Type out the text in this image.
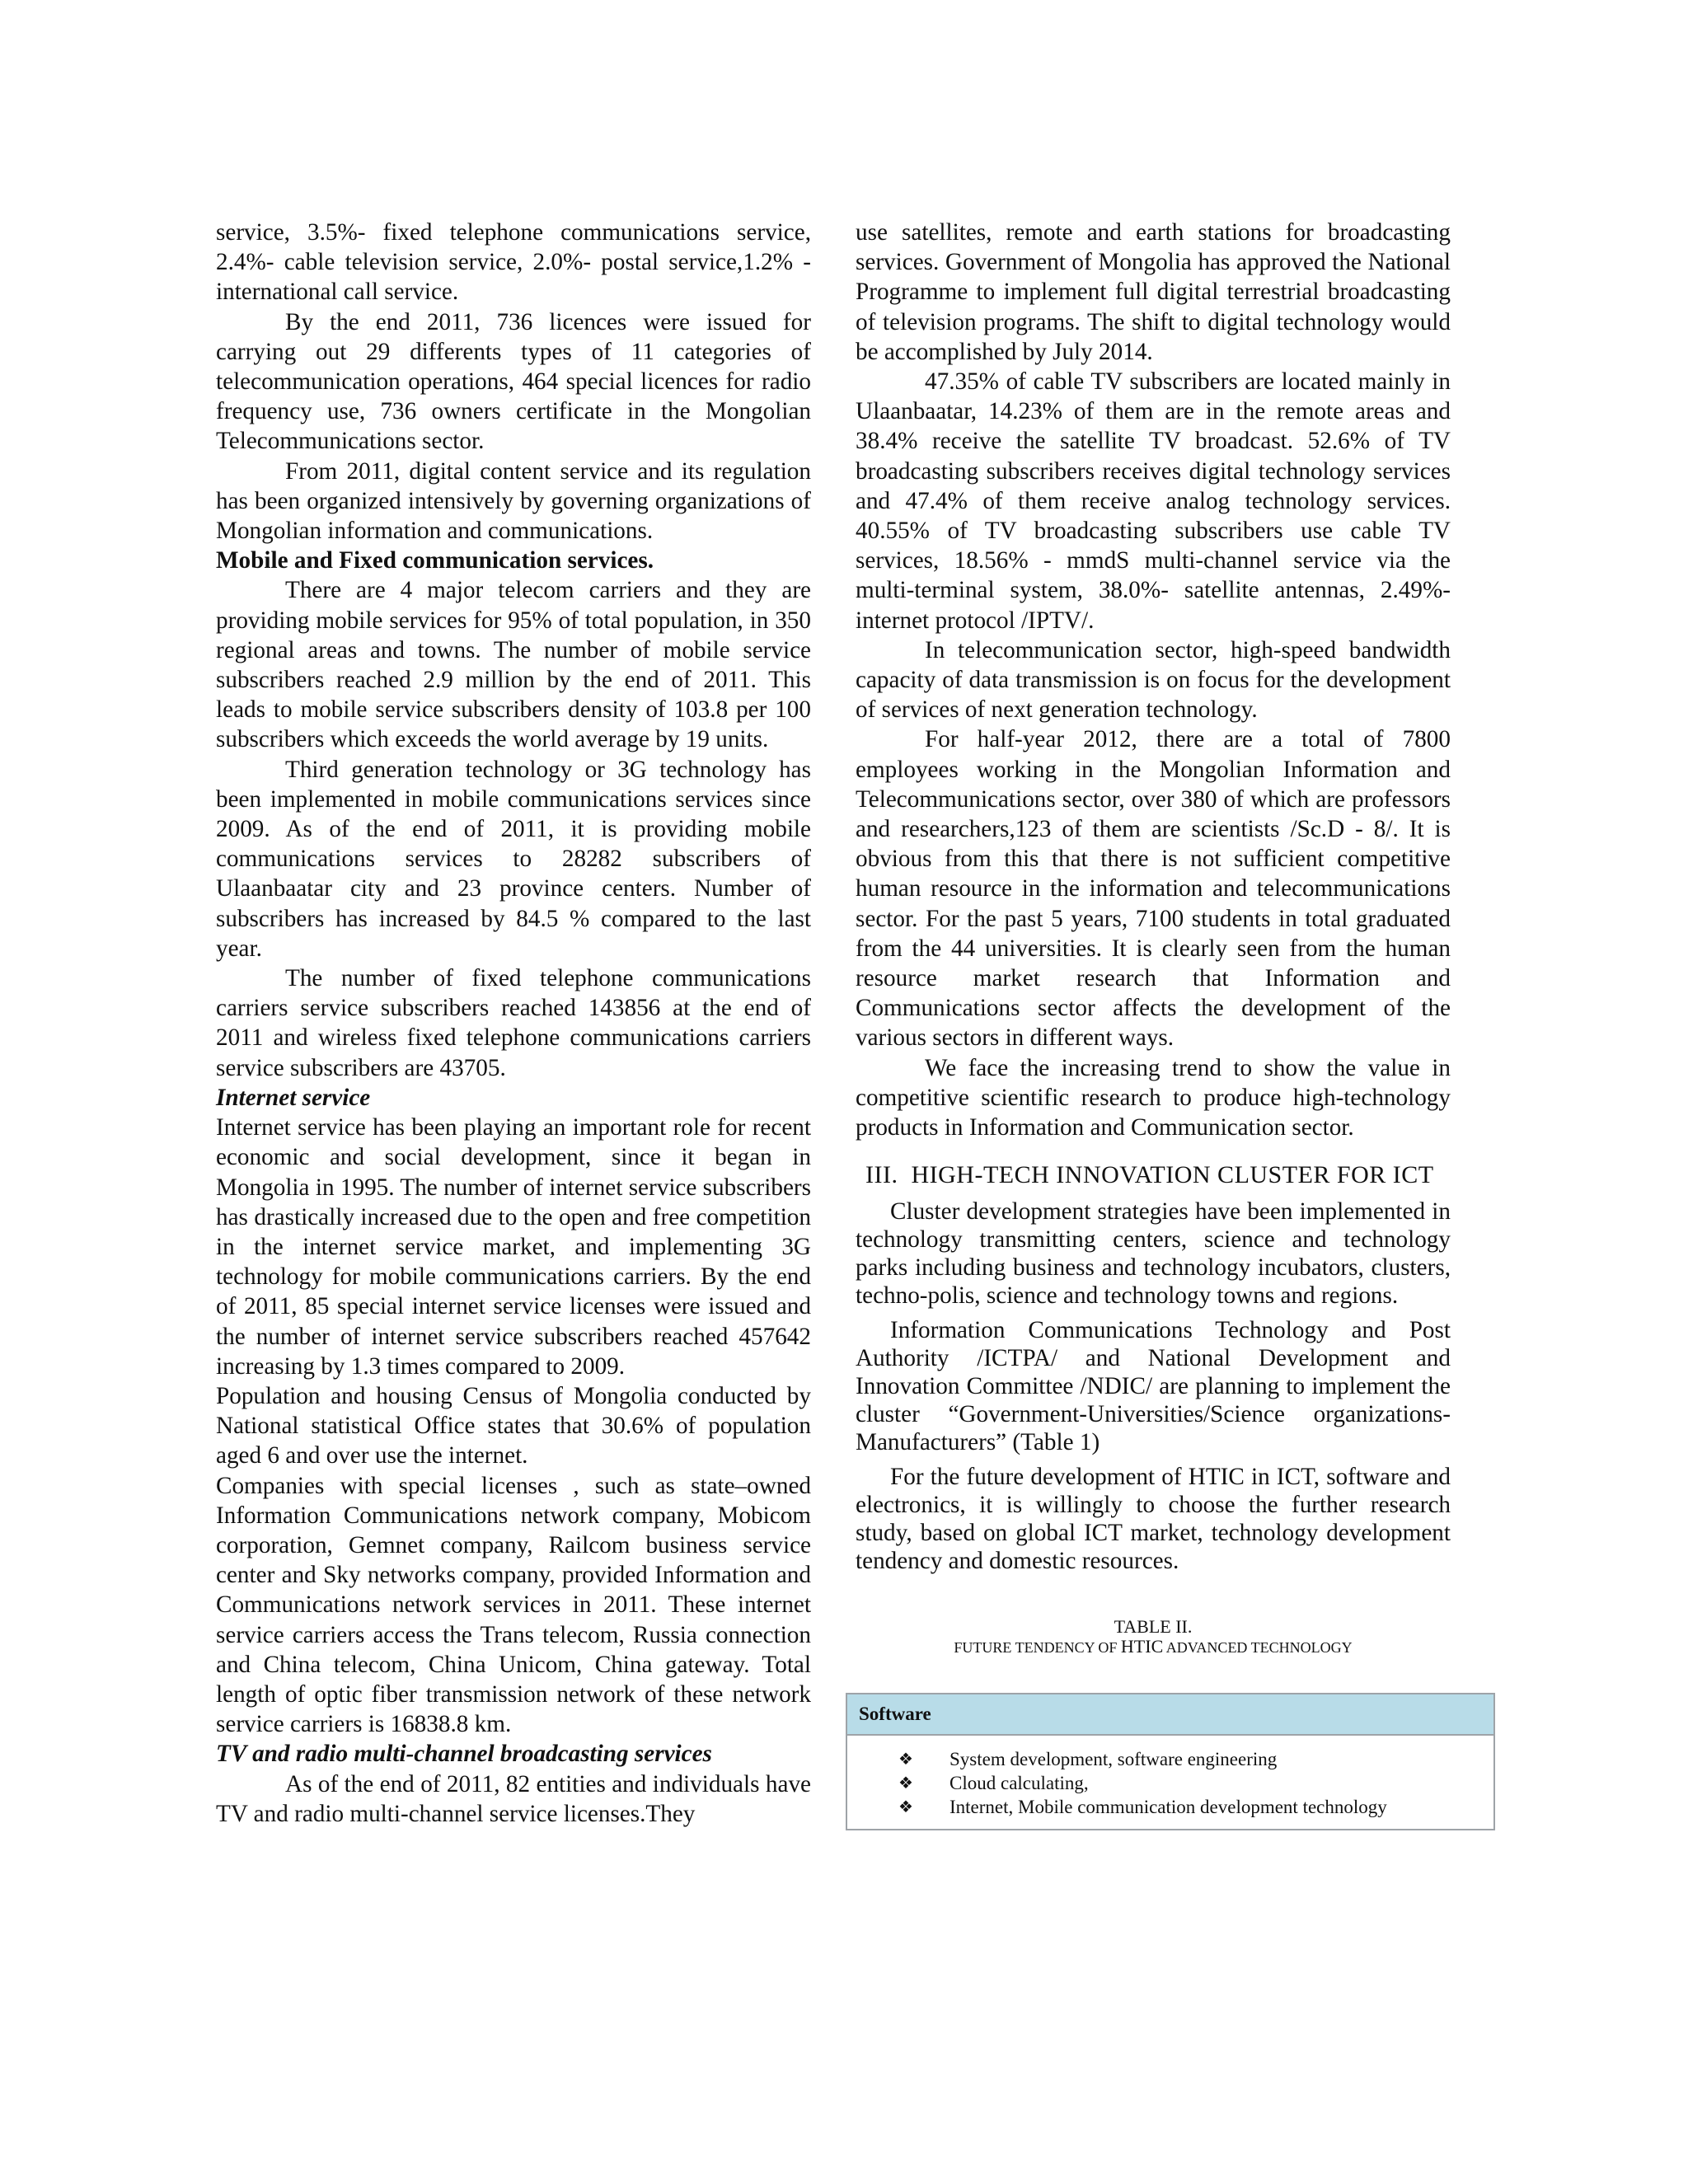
service, 3.5%- fixed telephone communications service, 2.4%- cable television service, 2.0%- postal service,1.2% - international call service.

By the end 2011, 736 licences were issued for carrying out 29 differents types of 11 categories of telecommunication operations, 464 special licences for radio frequency use, 736 owners certificate in the Mongolian Telecommunications sector.

From 2011, digital content service and its regulation has been organized intensively by governing organizations of Mongolian information and communications.

Mobile and Fixed communication services.

There are 4 major telecom carriers and they are providing mobile services for 95% of total population, in 350 regional areas and towns. The number of mobile service subscribers reached 2.9 million by the end of 2011. This leads to mobile service subscribers density of 103.8 per 100 subscribers which exceeds the world average by 19 units.

Third generation technology or 3G technology has been implemented in mobile communications services since 2009. As of the end of 2011, it is providing mobile communications services to 28282 subscribers of Ulaanbaatar city and 23 province centers. Number of subscribers has increased by 84.5 % compared to the last year.

The number of fixed telephone communications carriers service subscribers reached 143856 at the end of 2011 and wireless fixed telephone communications carriers service subscribers are 43705.

Internet service

Internet service has been playing an important role for recent economic and social development, since it began in Mongolia in 1995. The number of internet service subscribers has drastically increased due to the open and free competition in the internet service market, and implementing 3G technology for mobile communications carriers. By the end of 2011, 85 special internet service licenses were issued and the number of internet service subscribers reached 457642 increasing by 1.3 times compared to 2009.

Population and housing Census of Mongolia conducted by National statistical Office states that 30.6% of population aged 6 and over use the internet.

Companies with special licenses , such as state–owned Information Communications network company, Mobicom corporation, Gemnet company, Railcom business service center and Sky networks company, provided Information and Communications network services in 2011. These internet service carriers access the Trans telecom, Russia connection and China telecom, China Unicom, China gateway. Total length of optic fiber transmission network of these network service carriers is 16838.8 km.

TV and radio multi-channel broadcasting services

As of the end of 2011, 82 entities and individuals have TV and radio multi-channel service licenses.They

use satellites, remote and earth stations for broadcasting services. Government of Mongolia has approved the National Programme to implement full digital terrestrial broadcasting of television programs. The shift to digital technology would be accomplished by July 2014.

47.35% of cable TV subscribers are located mainly in Ulaanbaatar, 14.23% of them are in the remote areas and 38.4% receive the satellite TV broadcast. 52.6% of TV broadcasting subscribers receives digital technology services and 47.4% of them receive analog technology services. 40.55% of TV broadcasting subscribers use cable TV services, 18.56% - mmdS multi-channel service via the multi-terminal system, 38.0%- satellite antennas, 2.49%-internet protocol /IPTV/.

In telecommunication sector, high-speed bandwidth capacity of data transmission is on focus for the development of services of next generation technology.

For half-year 2012, there are a total of 7800 employees working in the Mongolian Information and Telecommunications sector, over 380 of which are professors and researchers,123 of them are scientists /Sc.D - 8/. It is obvious from this that there is not sufficient competitive human resource in the information and telecommunications sector. For the past 5 years, 7100 students in total graduated from the 44 universities. It is clearly seen from the human resource market research that Information and Communications sector affects the development of the various sectors in different ways.

We face the increasing trend to show the value in competitive scientific research to produce high-technology products in Information and Communication sector.

III. HIGH-TECH INNOVATION CLUSTER FOR ICT

Cluster development strategies have been implemented in technology transmitting centers, science and technology parks including business and technology incubators, clusters, techno-polis, science and technology towns and regions.

Information Communications Technology and Post Authority /ICTPA/ and National Development and Innovation Committee /NDIC/ are planning to implement the cluster “Government-Universities/Science organizations-Manufacturers” (Table 1)

For the future development of HTIC in ICT, software and electronics, it is willingly to choose the further research study, based on global ICT market, technology development tendency and domestic resources.

TABLE II.

FUTURE TENDENCY OF HTIC ADVANCED TECHNOLOGY

Software
❖	System development, software engineering
❖	Cloud calculating,
❖	Internet, Mobile communication development technology
